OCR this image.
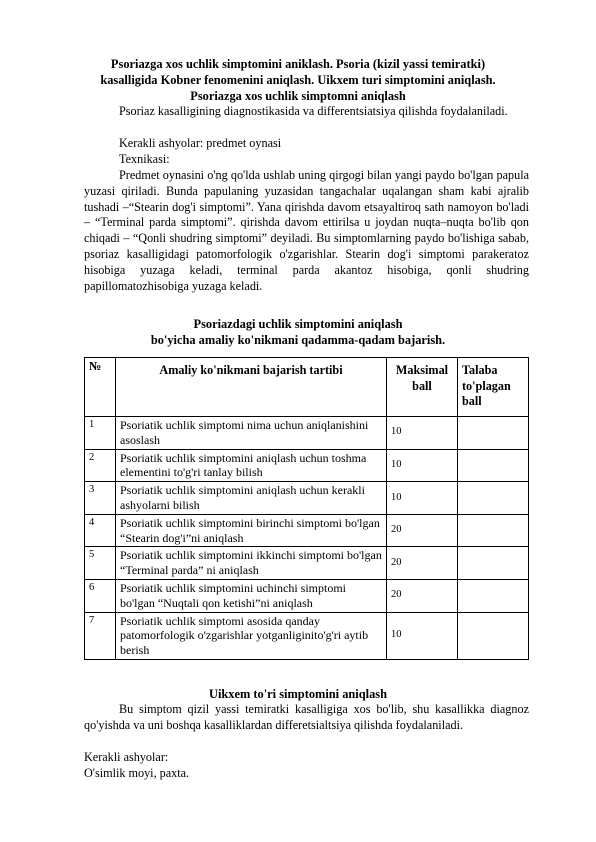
Psoriazga xos uchlik simptomini aniklash. Psoria (kizil yassi temiratki)
kasalligida Kobner fenomenini aniqlash. Uikxem turi simptomini aniqlash.
Psoriazga xos uchlik simptomni aniqlash
Psoriaz kasalligining diagnostikasida va differentsiatsiya qilishda foydalaniladi.
Kerakli ashyolar: predmet oynasi
Texnikasi:
Predmet oynasini o'ng qo'lda ushlab uning qirgogi bilan yangi paydo bo'lgan papula yuzasi qiriladi. Bunda papulaning yuzasidan tangachalar uqalangan sham kabi ajralib tushadi –“Stearin dog'i simptomi”. Yana qirishda davom etsayaltiroq sath namoyon bo'ladi – “Terminal parda simptomi”. qirishda davom ettirilsa u joydan nuqta–nuqta bo'lib qon chiqadi – “Qonli shudring simptomi” deyiladi. Bu simptomlarning paydo bo'lishiga sabab, psoriaz kasalligidagi patomorfologik o'zgarishlar. Stearin dog'i simptomi parakeratoz hisobiga yuzaga keladi, terminal parda akantoz hisobiga, qonli shudring papillomatozhisobiga yuzaga keladi.
Psoriazdagi uchlik simptomini aniqlash
bo'yicha amaliy ko'nikmani qadamma-qadam bajarish.
№	Amaliy ko'nikmani bajarish tartibi	Maksimal ball	Talaba to'plagan ball
1	Psoriatik uchlik simptomi nima uchun aniqlanishini asoslash	10	
2	Psoriatik uchlik simptomini aniqlash uchun toshma elementini to'g'ri tanlay bilish	10	
3	Psoriatik uchlik simptomini aniqlash uchun kerakli ashyolarni bilish	10	
4	Psoriatik uchlik simptomini birinchi simptomi bo'lgan “Stearin dog'i”ni aniqlash	20	
5	Psoriatik uchlik simptomini ikkinchi simptomi bo'lgan “Terminal parda” ni aniqlash	20	
6	Psoriatik uchlik simptomini uchinchi simptomi bo'lgan “Nuqtali qon ketishi”ni aniqlash	20	
7	Psoriatik uchlik simptomi asosida qanday patomorfologik o'zgarishlar yotganliginito'g'ri aytib berish	10	
Uikxem to'ri simptomini aniqlash
Bu simptom qizil yassi temiratki kasalligiga xos bo'lib, shu kasallikka diagnoz qo'yishda va uni boshqa kasalliklardan differetsialtsiya qilishda foydalaniladi.
Kerakli ashyolar:
O'simlik moyi, paxta.
